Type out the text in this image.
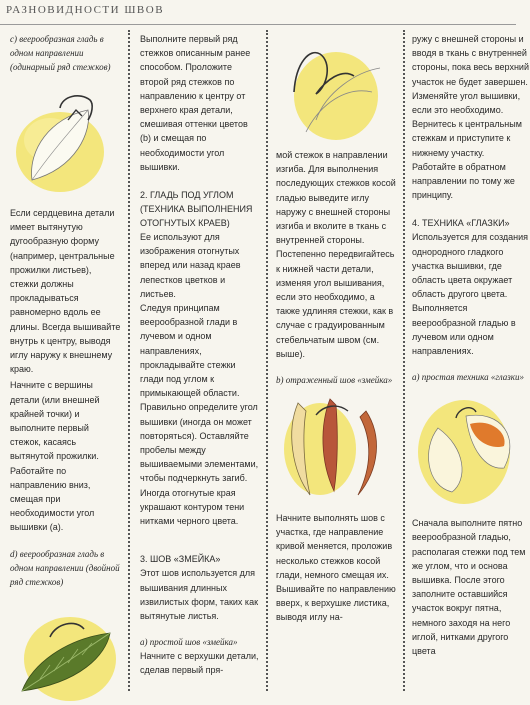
РАЗНОВИДНОСТИ ШВОВ

с) веерообразная гладь в одном направлении (одинарный ряд стежков)

Если сердцевина детали имеет вытянутую дугообразную форму (например, центральные прожилки листьев), стежки должны прокладываться равномерно вдоль ее длины. Всегда вышивайте внутрь к центру, выводя иглу наружу к внешнему краю.

Начните с вершины детали (или внешней крайней точки) и выполните первый стежок, касаясь вытянутой прожилки. Работайте по направлению вниз, смещая при необходимости угол вышивки (а).

d) веерообразная гладь в одном направлении (двойной ряд стежков)

Выполните первый ряд стежков описанным ранее способом. Проложите второй ряд стежков по направлению к центру от верхнего края детали, смешивая оттенки цветов (b) и смещая по необходимости угол вышивки.

2. ГЛАДЬ ПОД УГЛОМ (ТЕХНИКА ВЫПОЛНЕНИЯ ОТОГНУТЫХ КРАЕВ)

Ее используют для изображения отогнутых вперед или назад краев лепестков цветков и листьев.

Следуя принципам веерообразной глади в лучевом и одном направлениях, прокладывайте стежки глади под углом к примыкающей области. Правильно определите угол вышивки (иногда он может повторяться). Оставляйте пробелы между вышиваемыми элементами, чтобы подчеркнуть загиб. Иногда отогнутые края украшают контуром тени нитками черного цвета.

3. ШОВ «ЗМЕЙКА»

Этот шов используется для вышивания длинных извилистых форм, таких как вытянутые листья.

а) простой шов «змейка»

Начните с верхушки детали, сделав первый пря-

мой стежок в направлении изгиба. Для выполнения последующих стежков косой гладью выведите иглу наружу с внешней стороны изгиба и вколите в ткань с внутренней стороны. Постепенно передвигайтесь к нижней части детали, изменяя угол вышивания, если это необходимо, а также удлиняя стежки, как в случае с градуированным стебельчатым швом (см. выше).

b) отраженный шов «змейка»

Начните выполнять шов с участка, где направление кривой меняется, проложив несколько стежков косой глади, немного смещая их. Вышивайте по направлению вверх, к верхушке листика, выводя иглу на-

ружу с внешней стороны и вводя в ткань с внутренней стороны, пока весь верхний участок не будет завершен. Изменяйте угол вышивки, если это необходимо. Вернитесь к центральным стежкам и приступите к нижнему участку. Работайте в обратном направлении по тому же принципу.

4. ТЕХНИКА «ГЛАЗКИ»

Используется для создания однородного гладкого участка вышивки, где область цвета окружает область другого цвета. Выполняется веерообразной гладью в лучевом или одном направлениях.

а) простая техника «глазки»

Сначала выполните пятно веерообразной гладью, располагая стежки под тем же углом, что и основа вышивка. После этого заполните оставшийся участок вокруг пятна, немного заходя на него иглой, нитками другого цвета
